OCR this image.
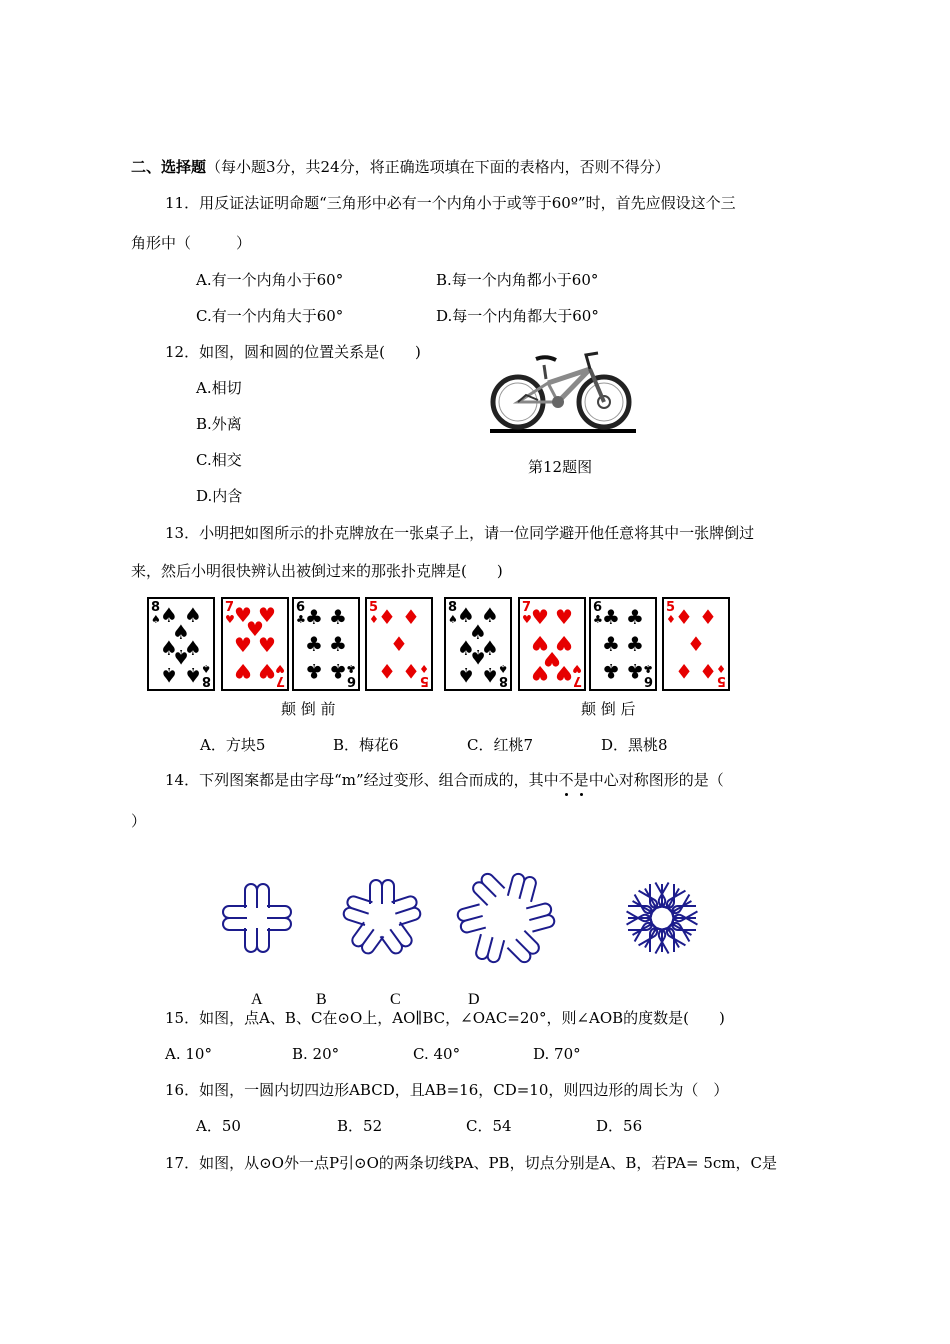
二、选择题（每小题3分，共24分，将正确选项填在下面的表格内，否则不得分）
11．用反证法证明命题“三角形中必有一个内角小于或等于60º”时，首先应假设这个三
角形中（　　　）
A.有一个内角小于60°	B.每一个内角都小于60°
C.有一个内角大于60°	D.每一个内角都大于60°
12．如图，圆和圆的位置关系是(　　)
A.相切
B.外离
C.相交
D.内含
第12题图
13．小明把如图所示的扑克牌放在一张桌子上，请一位同学避开他任意将其中一张牌倒过
来，然后小明很快辨认出被倒过来的那张扑克牌是(　　)
8
♠
8
♠
♠ ♠
♠
♠ ♠
♠
♠ ♠
7
♥
7
♥
♥ ♥
♥
♥ ♥
♥ ♥
6
♣
6
♣
♣ ♣
♣ ♣
♣ ♣
5
♦
5
♦
♦ ♦
♦
♦ ♦
8
♠
8
♠
♠ ♠
♠
♠ ♠
♠
♠ ♠
7
♥
7
♥
♥
♥
♥
♥
♥
♥
♥	6
♣
6
♣
♣ ♣
♣ ♣
♣ ♣
5
♦
5
♦
♦ ♦
♦
♦ ♦
颠 倒 前	颠 倒 后
A．方块5	B．梅花6	C．红桃7	D．黑桃8
14．下列图案都是由字母“m”经过变形、组合而成的，其中不
是
中心对称图形的是（
）
A	B	C	D
15．如图，点A、B、C在⊙O上，AO∥BC，∠OAC=20°，则∠AOB的度数是(　　)
A. 10°	B. 20°	C. 40°	D. 70°
16．如图，一圆内切四边形ABCD，且AB=16，CD=10，则四边形的周长为（　）
A．50	B．52	C．54	D．56
17．如图，从⊙O外一点P引⊙O的两条切线PA、PB，切点分别是A、B，若PA= 5cm，C是
